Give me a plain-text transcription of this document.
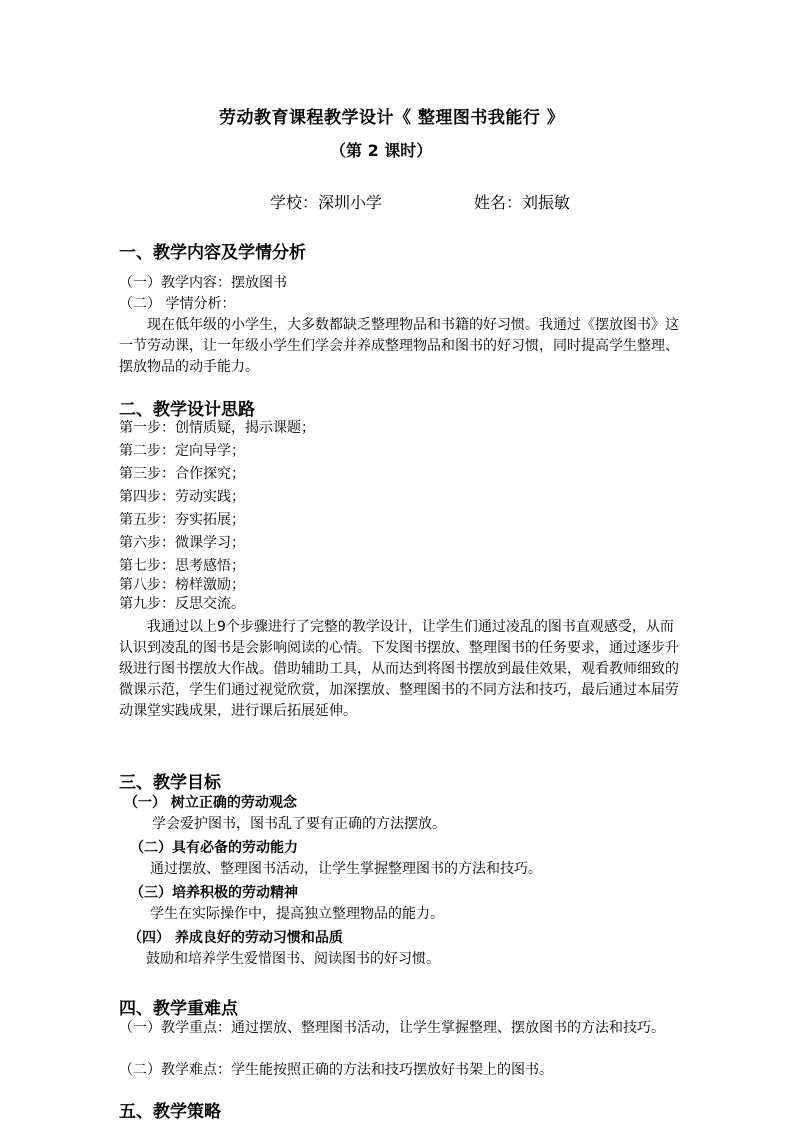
劳动教育课程教学设计《 整理图书我能行 》
（第 2 课时）
学校：深圳小学	姓名：刘振敏
一、教学内容及学情分析
（一）教学内容：摆放图书
（二） 学情分析：
现在低年级的小学生，大多数都缺乏整理物品和书籍的好习惯。我通过《摆放图书》这一节劳动课，让一年级小学生们学会并养成整理物品和图书的好习惯，同时提高学生整理、摆放物品的动手能力。
二、教学设计思路
第一步：创情质疑，揭示课题；
第二步：定向导学；
第三步：合作探究；
第四步：劳动实践；
第五步：夯实拓展；
第六步：微课学习；
第七步：思考感悟；
第八步：榜样激励；
第九步：反思交流。
我通过以上9个步骤进行了完整的教学设计，让学生们通过凌乱的图书直观感受，从而认识到凌乱的图书是会影响阅读的心情。下发图书摆放、整理图书的任务要求，通过逐步升级进行图书摆放大作战。借助辅助工具，从而达到将图书摆放到最佳效果，观看教师细致的微课示范，学生们通过视觉欣赏，加深摆放、整理图书的不同方法和技巧，最后通过本届劳动课堂实践成果，进行课后拓展延伸。
三、教学目标
（一） 树立正确的劳动观念
学会爱护图书，图书乱了要有正确的方法摆放。
（二）具有必备的劳动能力
通过摆放、整理图书活动，让学生掌握整理图书的方法和技巧。
（三）培养积极的劳动精神
学生在实际操作中，提高独立整理物品的能力。
（四） 养成良好的劳动习惯和品质
鼓励和培养学生爱惜图书、阅读图书的好习惯。
四、教学重难点
（一）教学重点：通过摆放、整理图书活动，让学生掌握整理、摆放图书的方法和技巧。
（二）教学难点：学生能按照正确的方法和技巧摆放好书架上的图书。
五、教学策略
